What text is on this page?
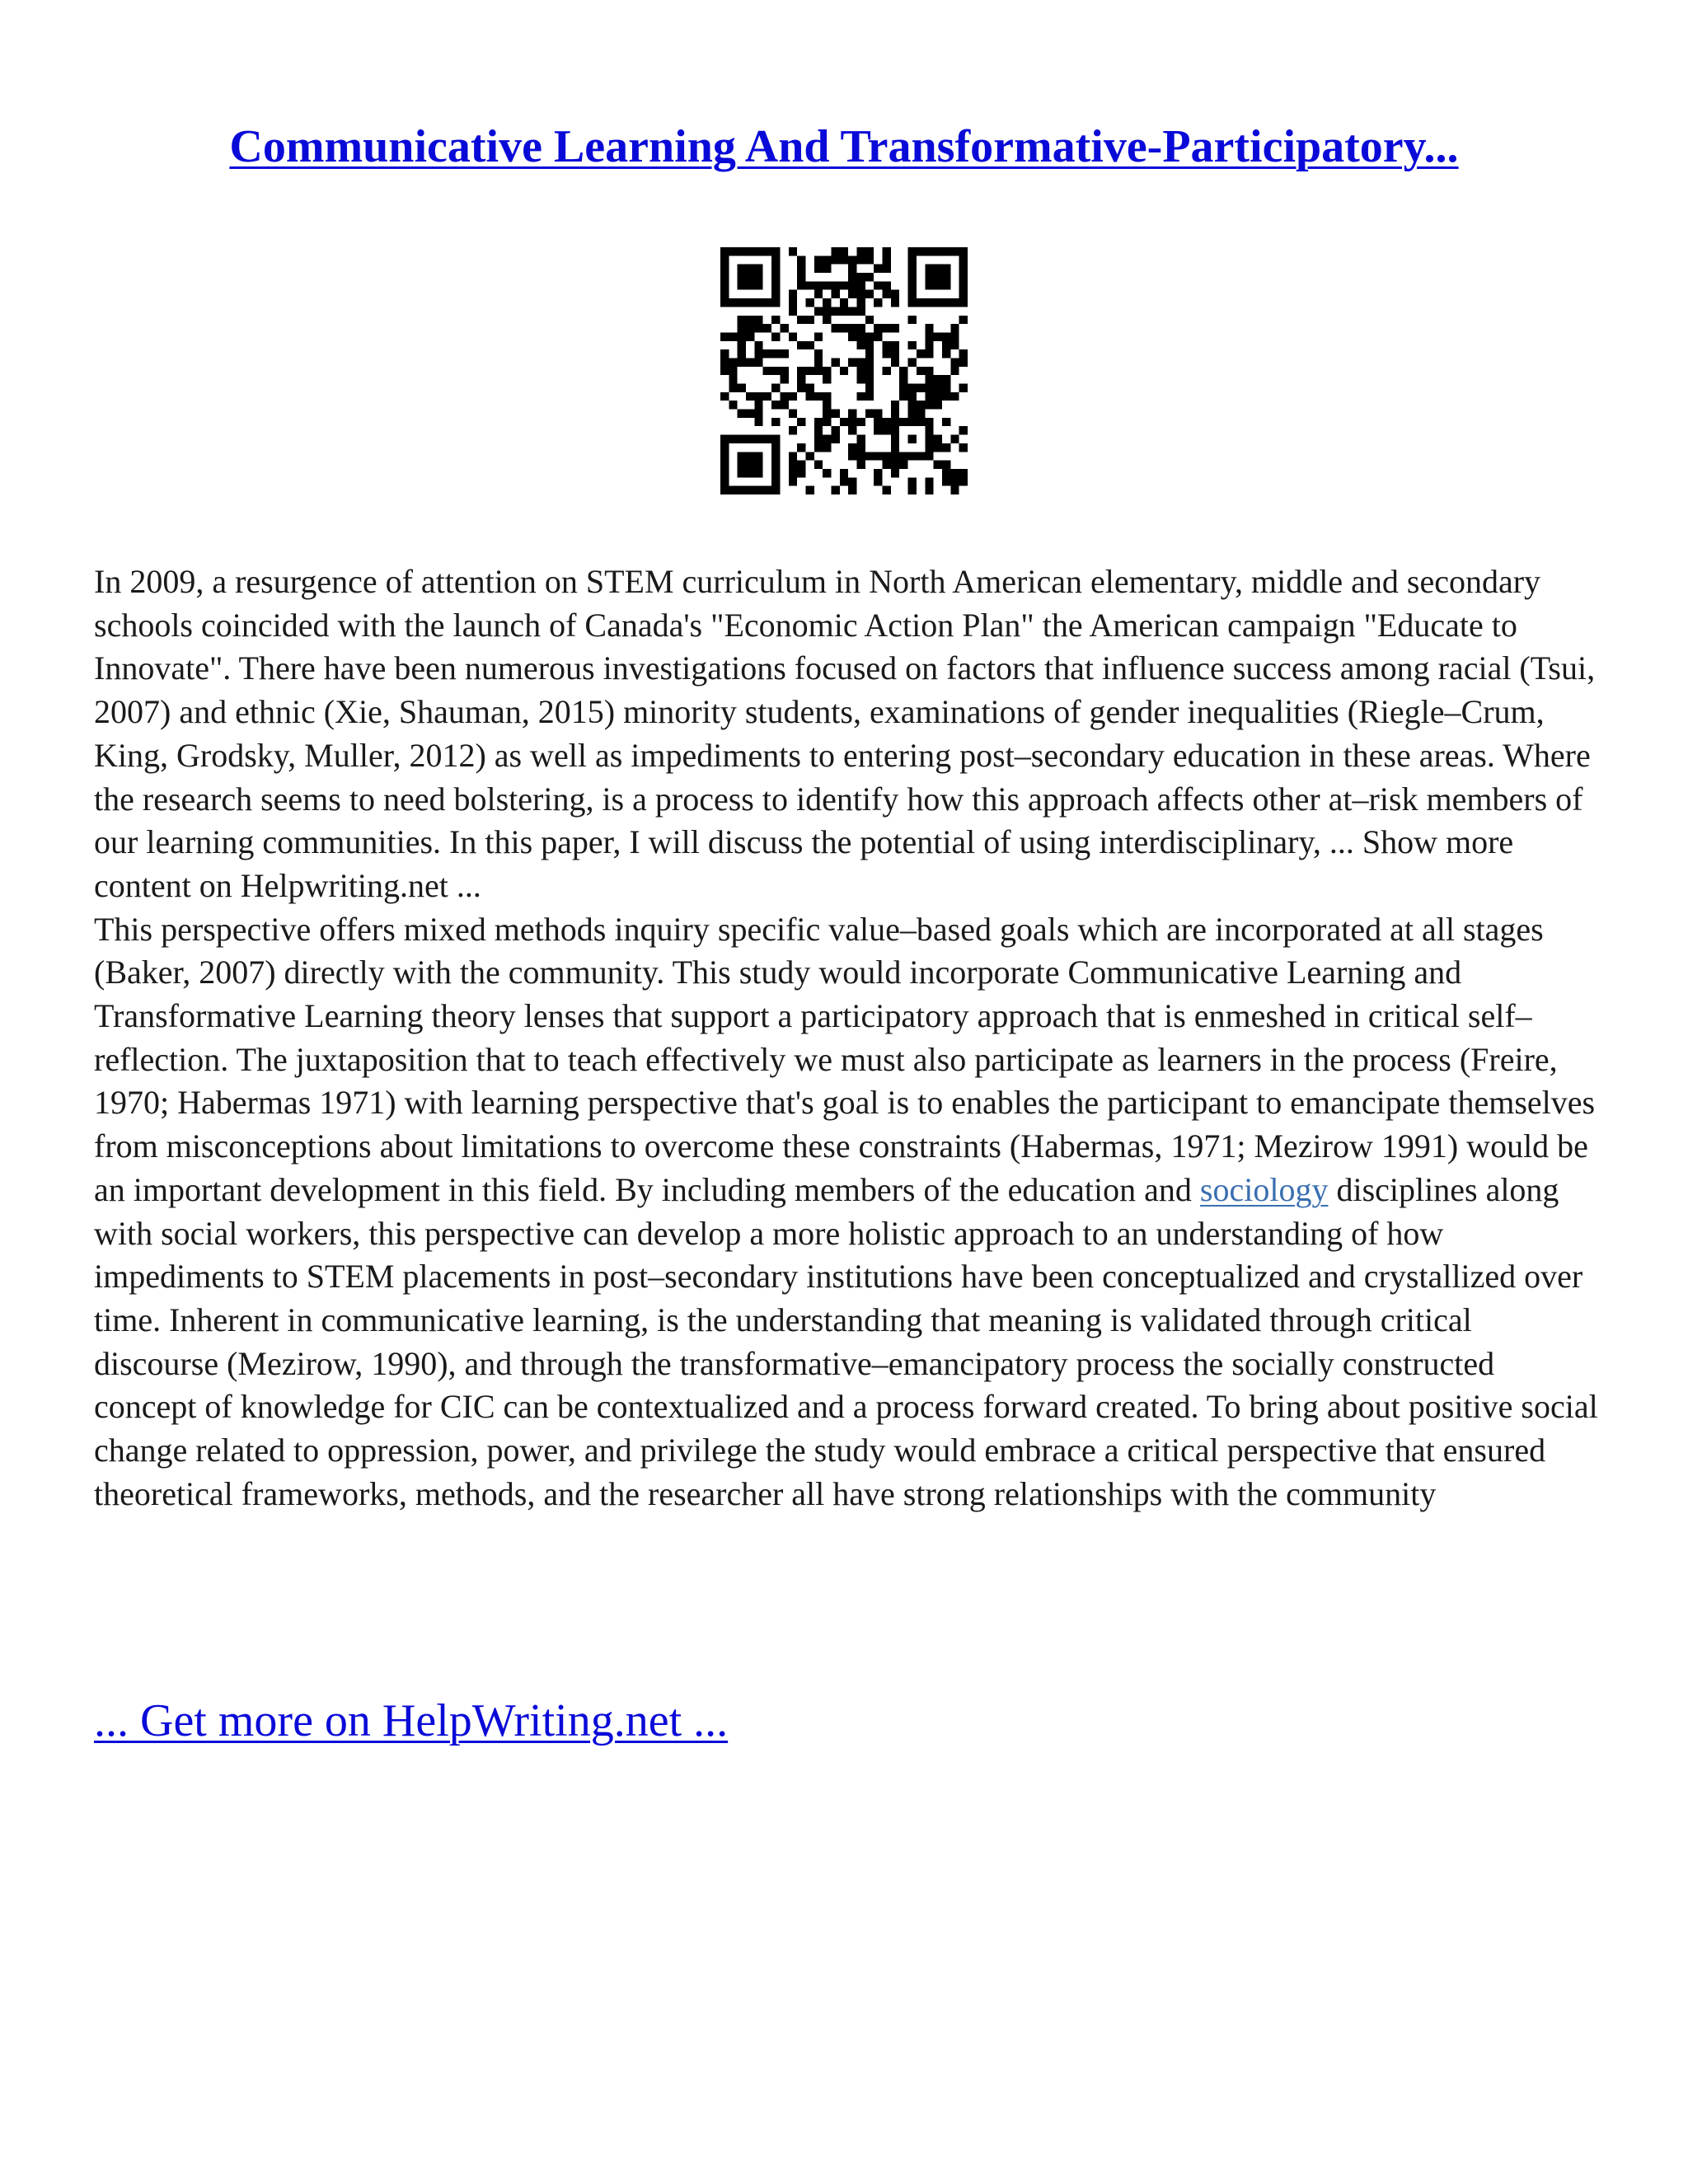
Communicative Learning And Transformative-Participatory...

In 2009, a resurgence of attention on STEM curriculum in North American elementary, middle and secondary schools coincided with the launch of Canada's "Economic Action Plan" the American campaign "Educate to Innovate". There have been numerous investigations focused on factors that influence success among racial (Tsui, 2007) and ethnic (Xie, Shauman, 2015) minority students, examinations of gender inequalities (Riegle–Crum, King, Grodsky, Muller, 2012) as well as impediments to entering post–secondary education in these areas. Where the research seems to need bolstering, is a process to identify how this approach affects other at–risk members of our learning communities. In this paper, I will discuss the potential of using interdisciplinary, ... Show more content on Helpwriting.net ...

This perspective offers mixed methods inquiry specific value–based goals which are incorporated at all stages (Baker, 2007) directly with the community. This study would incorporate Communicative Learning and Transformative Learning theory lenses that support a participatory approach that is enmeshed in critical self–reflection. The juxtaposition that to teach effectively we must also participate as learners in the process (Freire, 1970; Habermas 1971) with learning perspective that's goal is to enables the participant to emancipate themselves from misconceptions about limitations to overcome these constraints (Habermas, 1971; Mezirow 1991) would be an important development in this field. By including members of the education and sociology disciplines along with social workers, this perspective can develop a more holistic approach to an understanding of how impediments to STEM placements in post–secondary institutions have been conceptualized and crystallized over time. Inherent in communicative learning, is the understanding that meaning is validated through critical discourse (Mezirow, 1990), and through the transformative–emancipatory process the socially constructed concept of knowledge for CIC can be contextualized and a process forward created. To bring about positive social change related to oppression, power, and privilege the study would embrace a critical perspective that ensured theoretical frameworks, methods, and the researcher all have strong relationships with the community

... Get more on HelpWriting.net ...
